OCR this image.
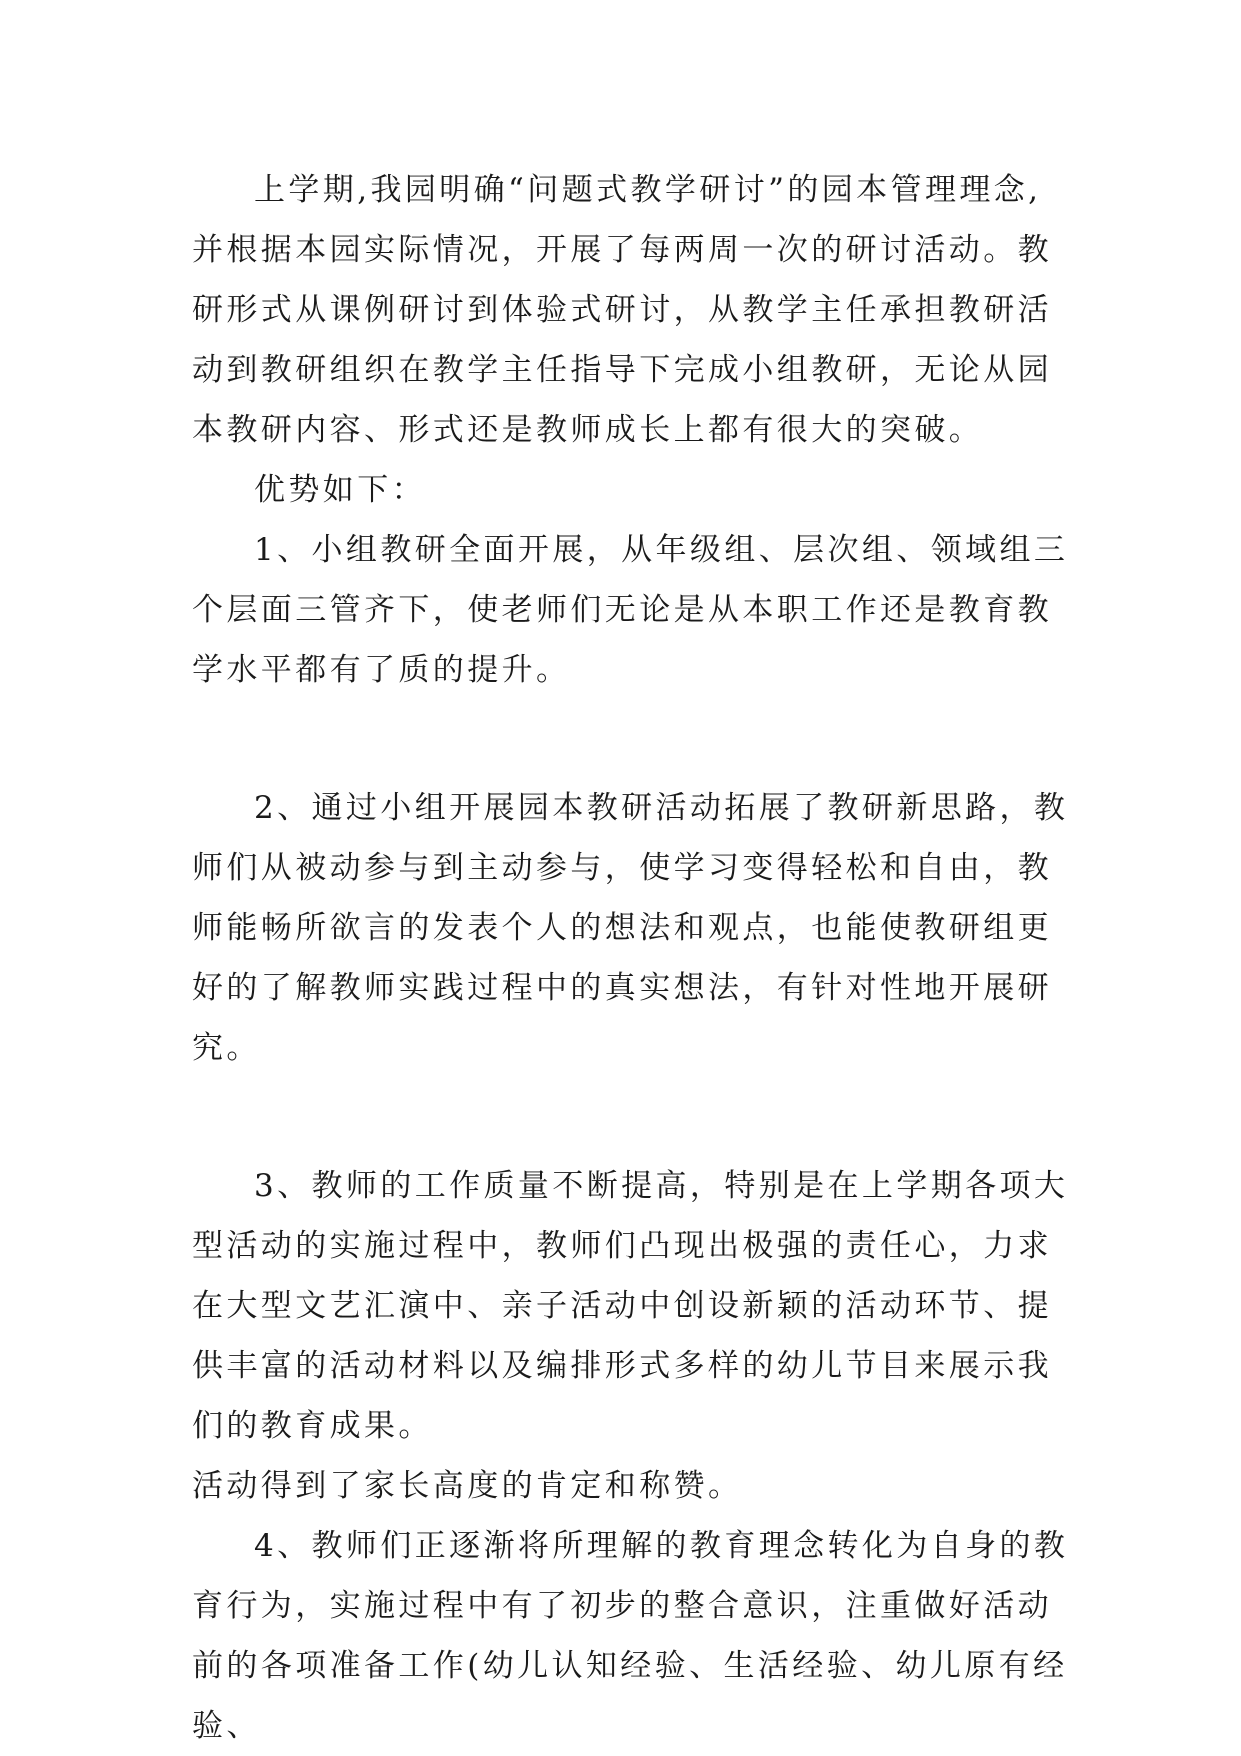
上学期,我园明确“问题式教学研讨”的园本管理理念,并根据本园实际情况，开展了每两周一次的研讨活动。教研形式从课例研讨到体验式研讨，从教学主任承担教研活动到教研组织在教学主任指导下完成小组教研，无论从园本教研内容、形式还是教师成长上都有很大的突破。

优势如下：

1、小组教研全面开展，从年级组、层次组、领域组三个层面三管齐下，使老师们无论是从本职工作还是教育教学水平都有了质的提升。

2、通过小组开展园本教研活动拓展了教研新思路，教师们从被动参与到主动参与，使学习变得轻松和自由，教师能畅所欲言的发表个人的想法和观点，也能使教研组更好的了解教师实践过程中的真实想法，有针对性地开展研究。

3、教师的工作质量不断提高，特别是在上学期各项大型活动的实施过程中，教师们凸现出极强的责任心，力求在大型文艺汇演中、亲子活动中创设新颖的活动环节、提供丰富的活动材料以及编排形式多样的幼儿节目来展示我们的教育成果。

活动得到了家长高度的肯定和称赞。

4、教师们正逐渐将所理解的教育理念转化为自身的教育行为，实施过程中有了初步的整合意识，注重做好活动前的各项准备工作(幼儿认知经验、生活经验、幼儿原有经验、
